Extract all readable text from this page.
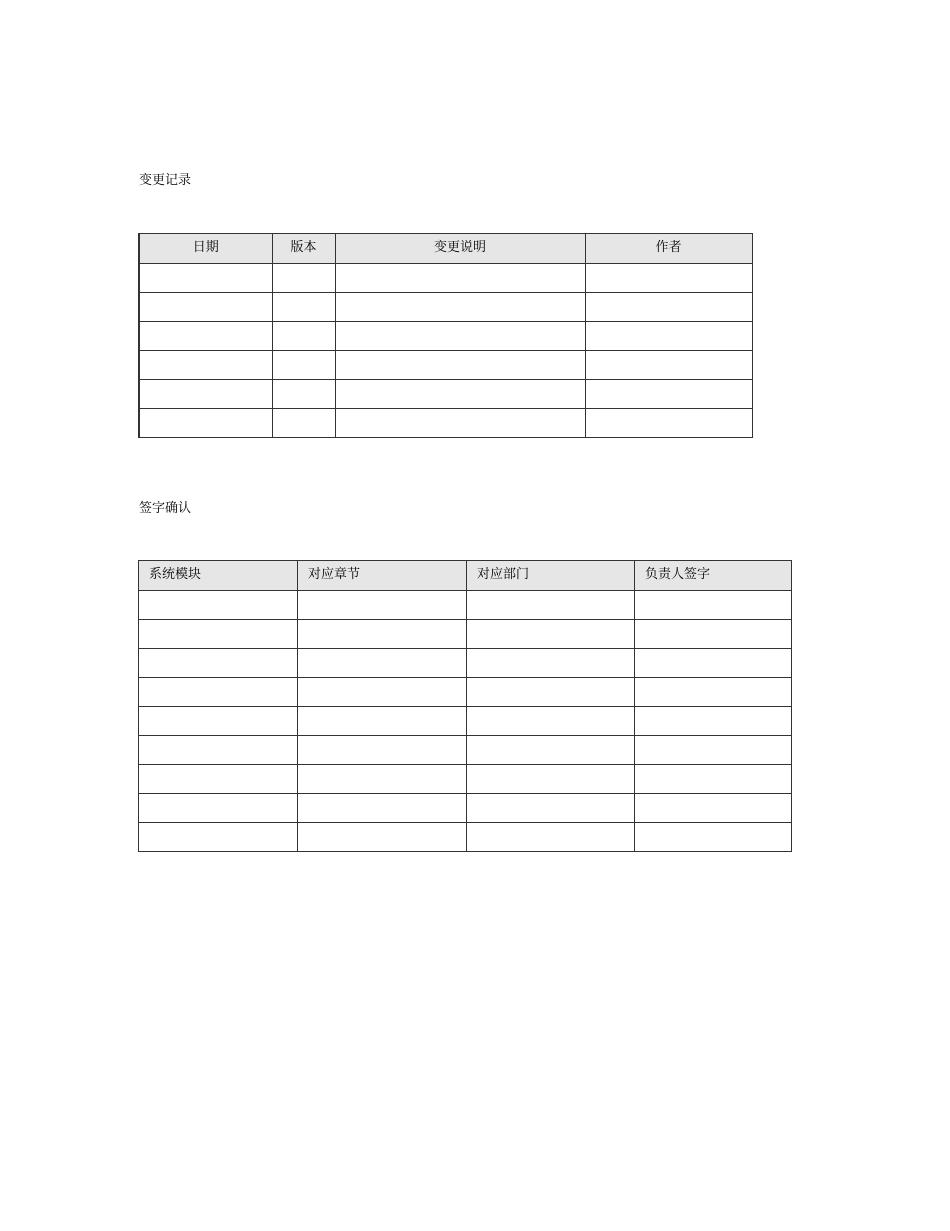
变更记录
日期	版本	变更说明	作者

签字确认
系统模块	对应章节	对应部门	负责人签字
